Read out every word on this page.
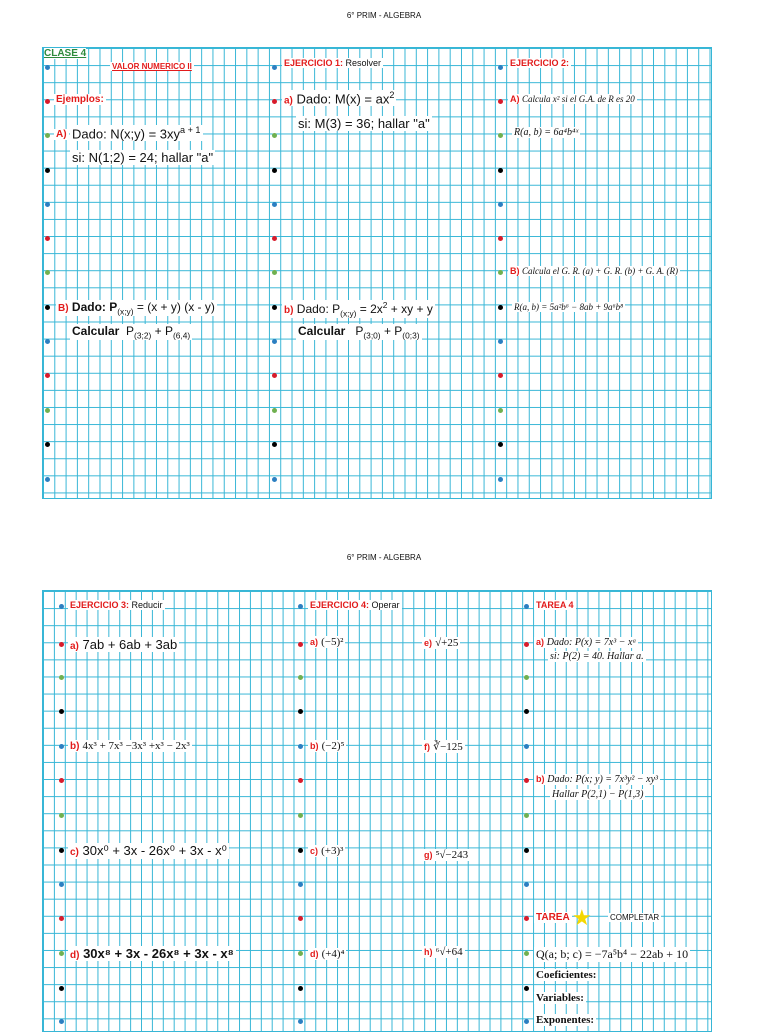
6° PRIM - ALGEBRA
CLASE 4
VALOR NUMERICO II
Ejemplos:
A) Dado: N(x;y) = $3xy^{a + 1}$
si: N(1;2) = 24; hallar "a"
B) Dado: $P_{(x;y)} = (x + y)$ (x - y)
Calcular $P_{(3;2)} + P_{(6,4)}$
EJERCICIO 1: Resolver
a) Dado: $M(x) = ax^2$
si: M(3) = 36; hallar "a"
b) Dado: $P_{(x;y)} = 2x^2$ + xy + y
Calcular   $P_{(3;0)} + P_{(0;3)}$
EJERCICIO 2:
A) Calcula x² si el G.A. de R es 20
R(a, b) = 6a⁴b⁴ˣ
B) Calcula el G. R. (a) + G. R. (b) + G. A. (R)
R(a, b) = 5a²b⁶ − 8ab + 9a⁶b⁸
6° PRIM - ALGEBRA
EJERCICIO 3: Reducir
a) 7ab + 6ab + 3ab
b) 4x³ + 7x³ −3x³ +x³ − 2x³
c) 30x⁰ + 3x - 26x⁰ + 3x - x⁰
d) 30x⁸ + 3x - 26x⁸ + 3x - x⁸
EJERCICIO 4: Operar
a) (−5)²
b) (−2)⁵
c) (+3)³
d) (+4)⁴
e) √+25
f) ∛−125
g) ⁵√−243
h) ⁶√+64
TAREA 4
a) Dado: P(x) = 7x³ − xᵃ
si: P(2) = 40. Hallar a.
b) Dado: P(x; y) = 7x³y² − xy³
Hallar P(2,1) − P(1,3)
TAREA ★ COMPLETAR
Q(a; b; c) = −7a⁵b⁴ − 22ab + 10
Coeficientes:
Variables:
Exponentes:
